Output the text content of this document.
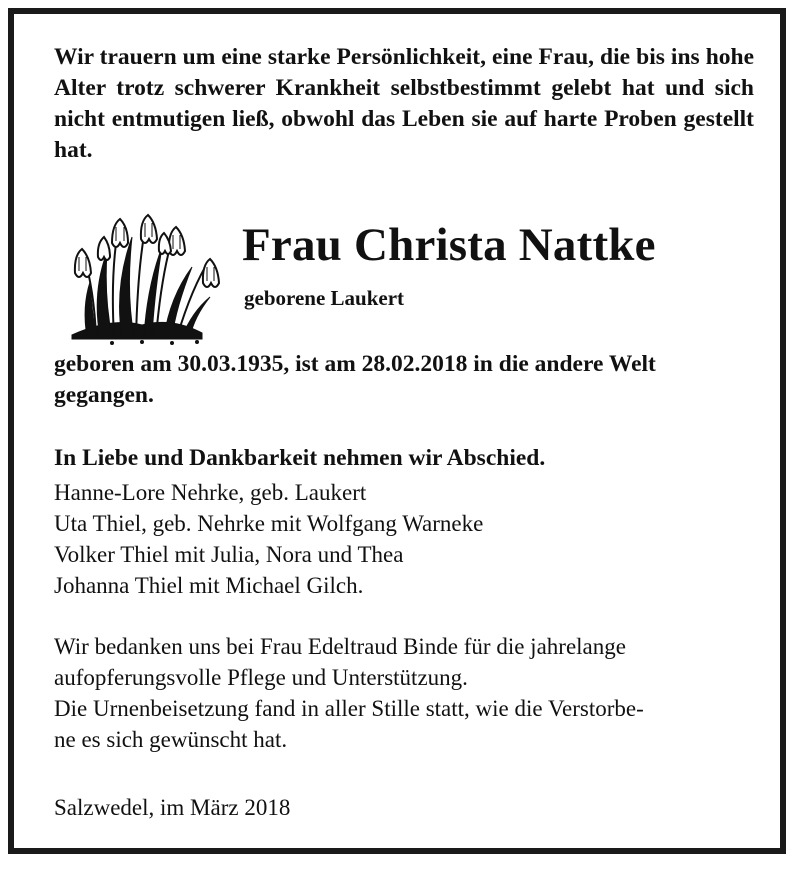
Wir trauern um eine starke Persönlichkeit, eine Frau, die bis ins hohe Alter trotz schwerer Krankheit selbstbestimmt gelebt hat und sich nicht entmutigen ließ, obwohl das Leben sie auf harte Proben gestellt hat.
Frau Christa Nattke
geborene Laukert
geboren am 30.03.1935, ist am 28.02.2018 in die andere Welt
gegangen.
In Liebe und Dankbarkeit nehmen wir Abschied.
Hanne-Lore Nehrke, geb. Laukert
Uta Thiel, geb. Nehrke mit Wolfgang Warneke
Volker Thiel mit Julia, Nora und Thea
Johanna Thiel mit Michael Gilch.
Wir bedanken uns bei Frau Edeltraud Binde für die jahrelange
aufopferungsvolle Pflege und Unterstützung.
Die Urnenbeisetzung fand in aller Stille statt, wie die Verstorbe-
ne es sich gewünscht hat.
Salzwedel, im März 2018
